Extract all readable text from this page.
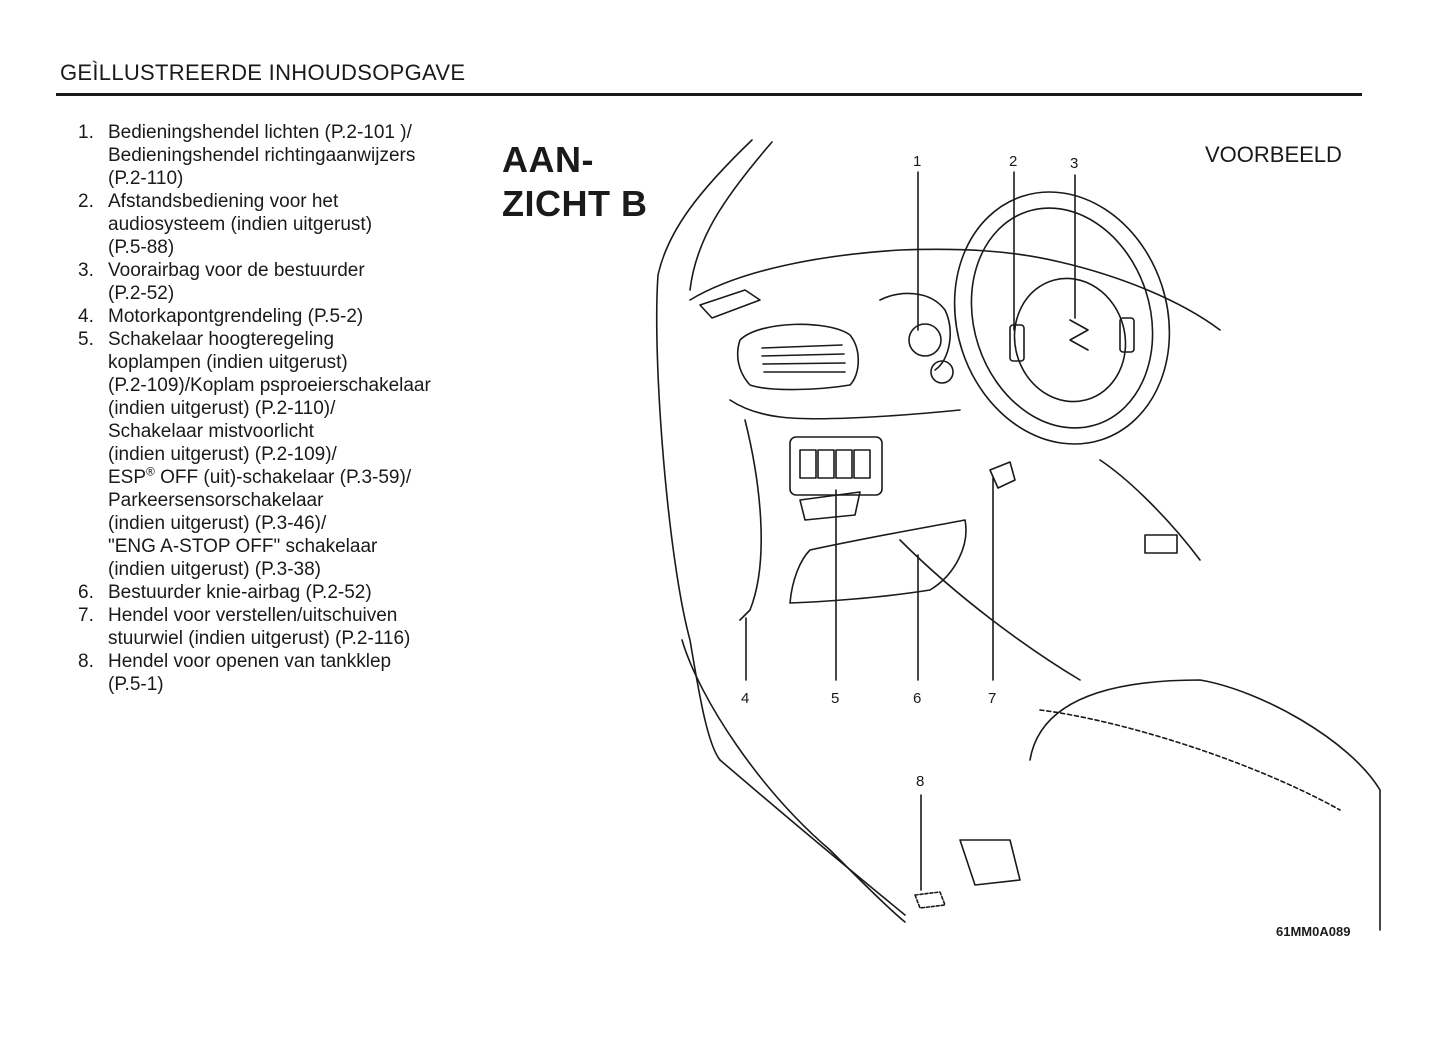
GEÌLLUSTREERDE INHOUDSOPGAVE
1. Bedieningshendel lichten (P.2-101 )/
Bedieningshendel richtingaanwijzers
(P.2-110)
2. Afstandsbediening voor het
audiosysteem (indien uitgerust)
(P.5-88)
3. Voorairbag voor de bestuurder
(P.2-52)
4. Motorkapontgrendeling (P.5-2)
5. Schakelaar hoogteregeling
koplampen (indien uitgerust)
(P.2-109)/Koplam psproeierschakelaar
(indien uitgerust) (P.2-110)/
Schakelaar mistvoorlicht
(indien uitgerust) (P.2-109)/
ESP® OFF (uit)-schakelaar (P.3-59)/
Parkeersensorschakelaar
(indien uitgerust) (P.3-46)/
"ENG A-STOP OFF" schakelaar
(indien uitgerust) (P.3-38)
6. Bestuurder knie-airbag (P.2-52)
7. Hendel voor verstellen/uitschuiven
stuurwiel (indien uitgerust) (P.2-116)
8. Hendel voor openen van tankklep
(P.5-1)
AAN-
ZICHT B
VOORBEELD
1	2	3
4	5	6	7
8
61MM0A089
